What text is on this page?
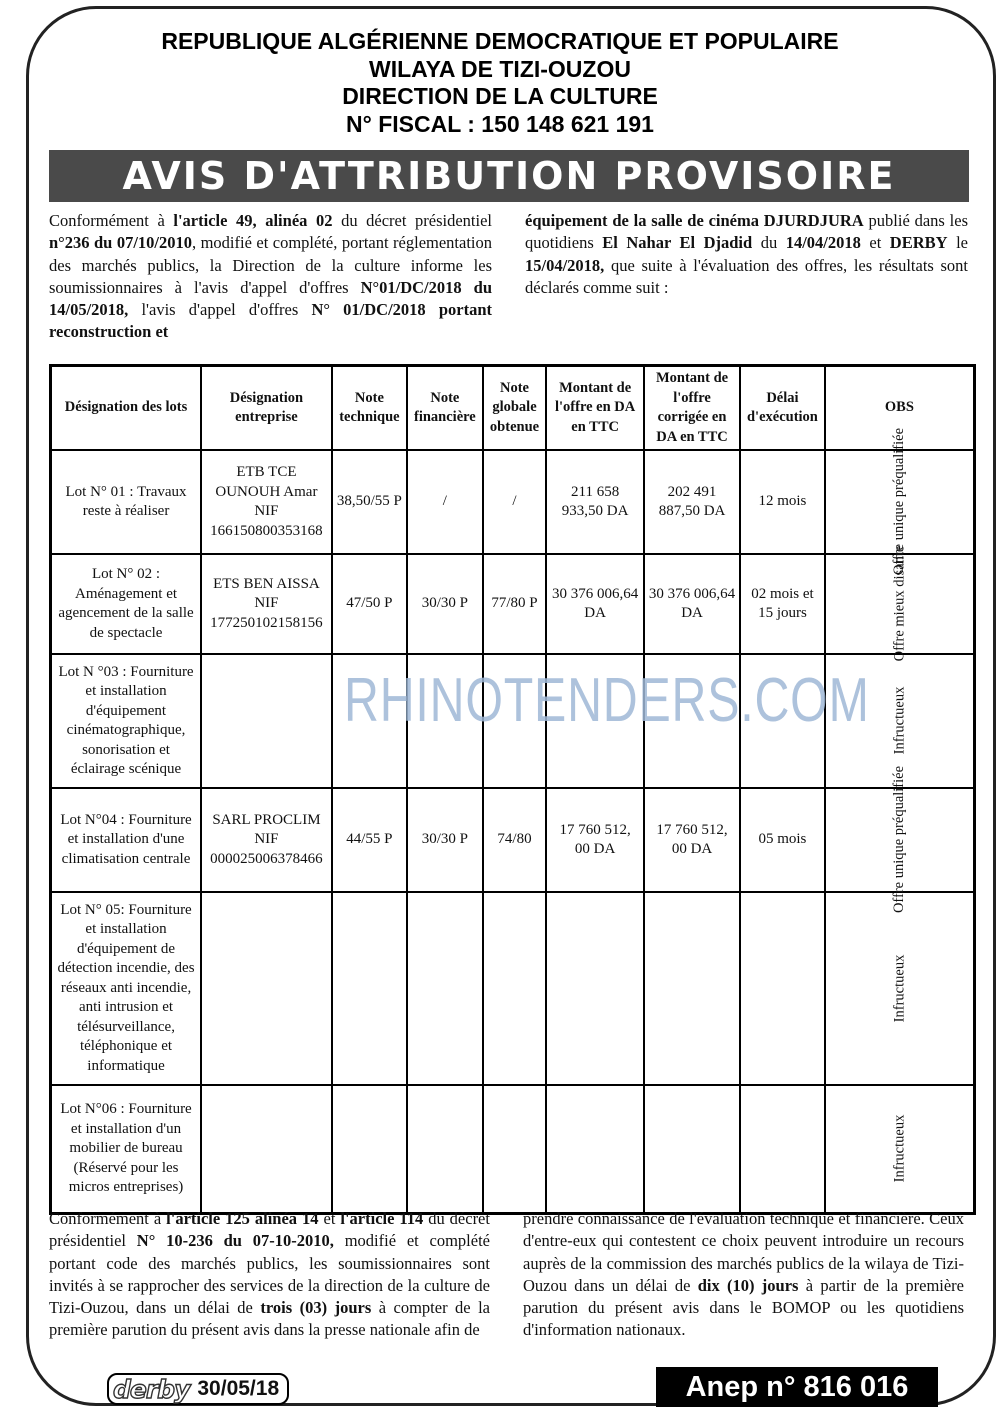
REPUBLIQUE ALGÉRIENNE DEMOCRATIQUE ET POPULAIRE
WILAYA DE TIZI-OUZOU
DIRECTION DE LA CULTURE
N° FISCAL : 150 148 621 191
AVIS D'ATTRIBUTION PROVISOIRE
Conformément à l'article 49, alinéa 02 du décret présidentiel n°236 du 07/10/2010, modifié et complété, portant réglementation des marchés publics, la Direction de la culture informe les soumissionnaires à l'avis d'appel d'offres N°01/DC/2018 du 14/05/2018, l'avis d'appel d'offres N° 01/DC/2018 portant reconstruction et
équipement de la salle de cinéma DJURDJURA publié dans les quotidiens El Nahar El Djadid du 14/04/2018 et DERBY le 15/04/2018, que suite à l'évaluation des offres, les résultats sont déclarés comme suit :
Désignation des lots	Désignation entreprise	Note technique	Note financière	Note globale obtenue	Montant de l'offre en DA en TTC	Montant de l'offre corrigée en DA en TTC	Délai d'exécution	OBS
Lot N° 01 : Travaux reste à réaliser	ETB TCE OUNOUH Amar NIF 166150800353168	38,50/55 P	/	/	211 658 933,50 DA	202 491 887,50 DA	12 mois	Offre unique préqualifiée
Lot N° 02 : Aménagement et agencement de la salle de spectacle	ETS BEN AISSA NIF 177250102158156	47/50 P	30/30 P	77/80 P	30 376 006,64 DA	30 376 006,64 DA	02 mois et 15 jours	Offre mieux disante
Lot N °03 : Fourniture et installation d'équipement cinématographique, sonorisation et éclairage scénique								Infructueux
Lot N°04 : Fourniture et installation d'une climatisation centrale	SARL PROCLIM NIF 000025006378466	44/55 P	30/30 P	74/80	17 760 512, 00 DA	17 760 512, 00 DA	05 mois	Offre unique préqualifiée
Lot N° 05: Fourniture et installation d'équipement de détection incendie, des réseaux anti incendie, anti intrusion et télésurveillance, téléphonique et informatique								Infructueux
Lot N°06 : Fourniture et installation d'un mobilier de bureau (Réservé pour les micros entreprises)								Infructueux
RHINOTENDERS.COM
Conformément à l'article 125 alinéa 14 et l'article 114 du décret présidentiel N° 10-236 du 07-10-2010, modifié et complété portant code des marchés publics, les soumissionnaires sont invités à se rapprocher des services de la direction de la culture de Tizi-Ouzou, dans un délai de trois (03) jours à compter de la première parution du présent avis dans la presse nationale afin de
derby 30/05/18	Anep n° 816 016
prendre connaissance de l'évaluation technique et financière. Ceux d'entre-eux qui contestent ce choix peuvent introduire un recours auprès de la commission des marchés publics de la wilaya de Tizi-Ouzou dans un délai de dix (10) jours à partir de la première parution du présent avis dans le BOMOP ou les quotidiens d'information nationaux.
